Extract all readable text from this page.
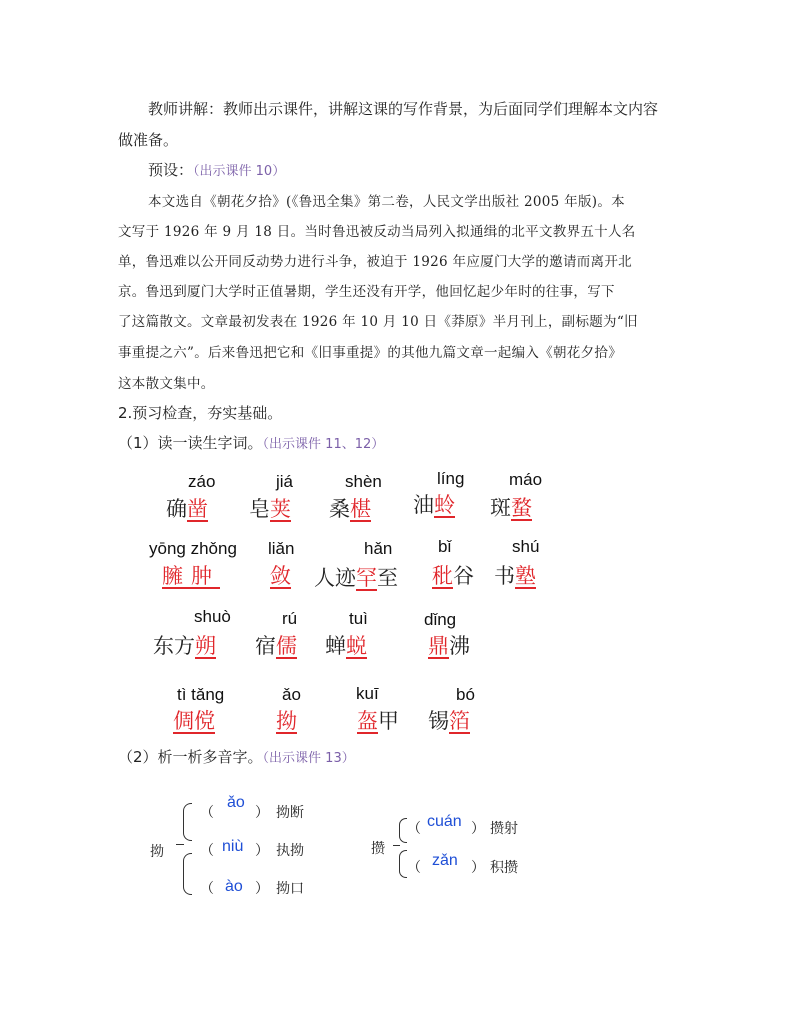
教师讲解：教师出示课件，讲解这课的写作背景，为后面同学们理解本文内容
做准备。
预设：（出示课件 10）
本文选自《朝花夕拾》(《鲁迅全集》第二卷，人民文学出版社 2005 年版)。本
文写于 1926 年 9 月 18 日。当时鲁迅被反动当局列入拟通缉的北平文教界五十人名
单，鲁迅难以公开同反动势力进行斗争，被迫于 1926 年应厦门大学的邀请而离开北
京。鲁迅到厦门大学时正值暑期，学生还没有开学，他回忆起少年时的往事，写下
了这篇散文。文章最初发表在 1926 年 10 月 10 日《莽原》半月刊上，副标题为“旧
事重提之六”。后来鲁迅把它和《旧事重提》的其他九篇文章一起编入《朝花夕拾》
这本散文集中。
2.预习检查，夯实基础。
（1）读一读生字词。（出示课件 11、12）
záo
确凿
jiá
皂荚
shèn
桑椹
líng
油蛉
máo
斑蝥
yōng zhǒng
臃肿
liǎn
敛
hǎn
人迹罕至
bǐ
秕谷
shú
书塾
shuò
东方朔
rú
宿儒
tuì
蝉蜕
dǐng
鼎沸
tì tǎng
倜傥
ǎo
拗
kuī
盔甲
bó
锡箔
（2）析一析多音字。（出示课件 13）
拗
（
ǎo
） 拗断
（ niù ） 执拗
（ ào ） 拗口
攒
（ cuán ） 攒射
（ zǎn ） 积攒
